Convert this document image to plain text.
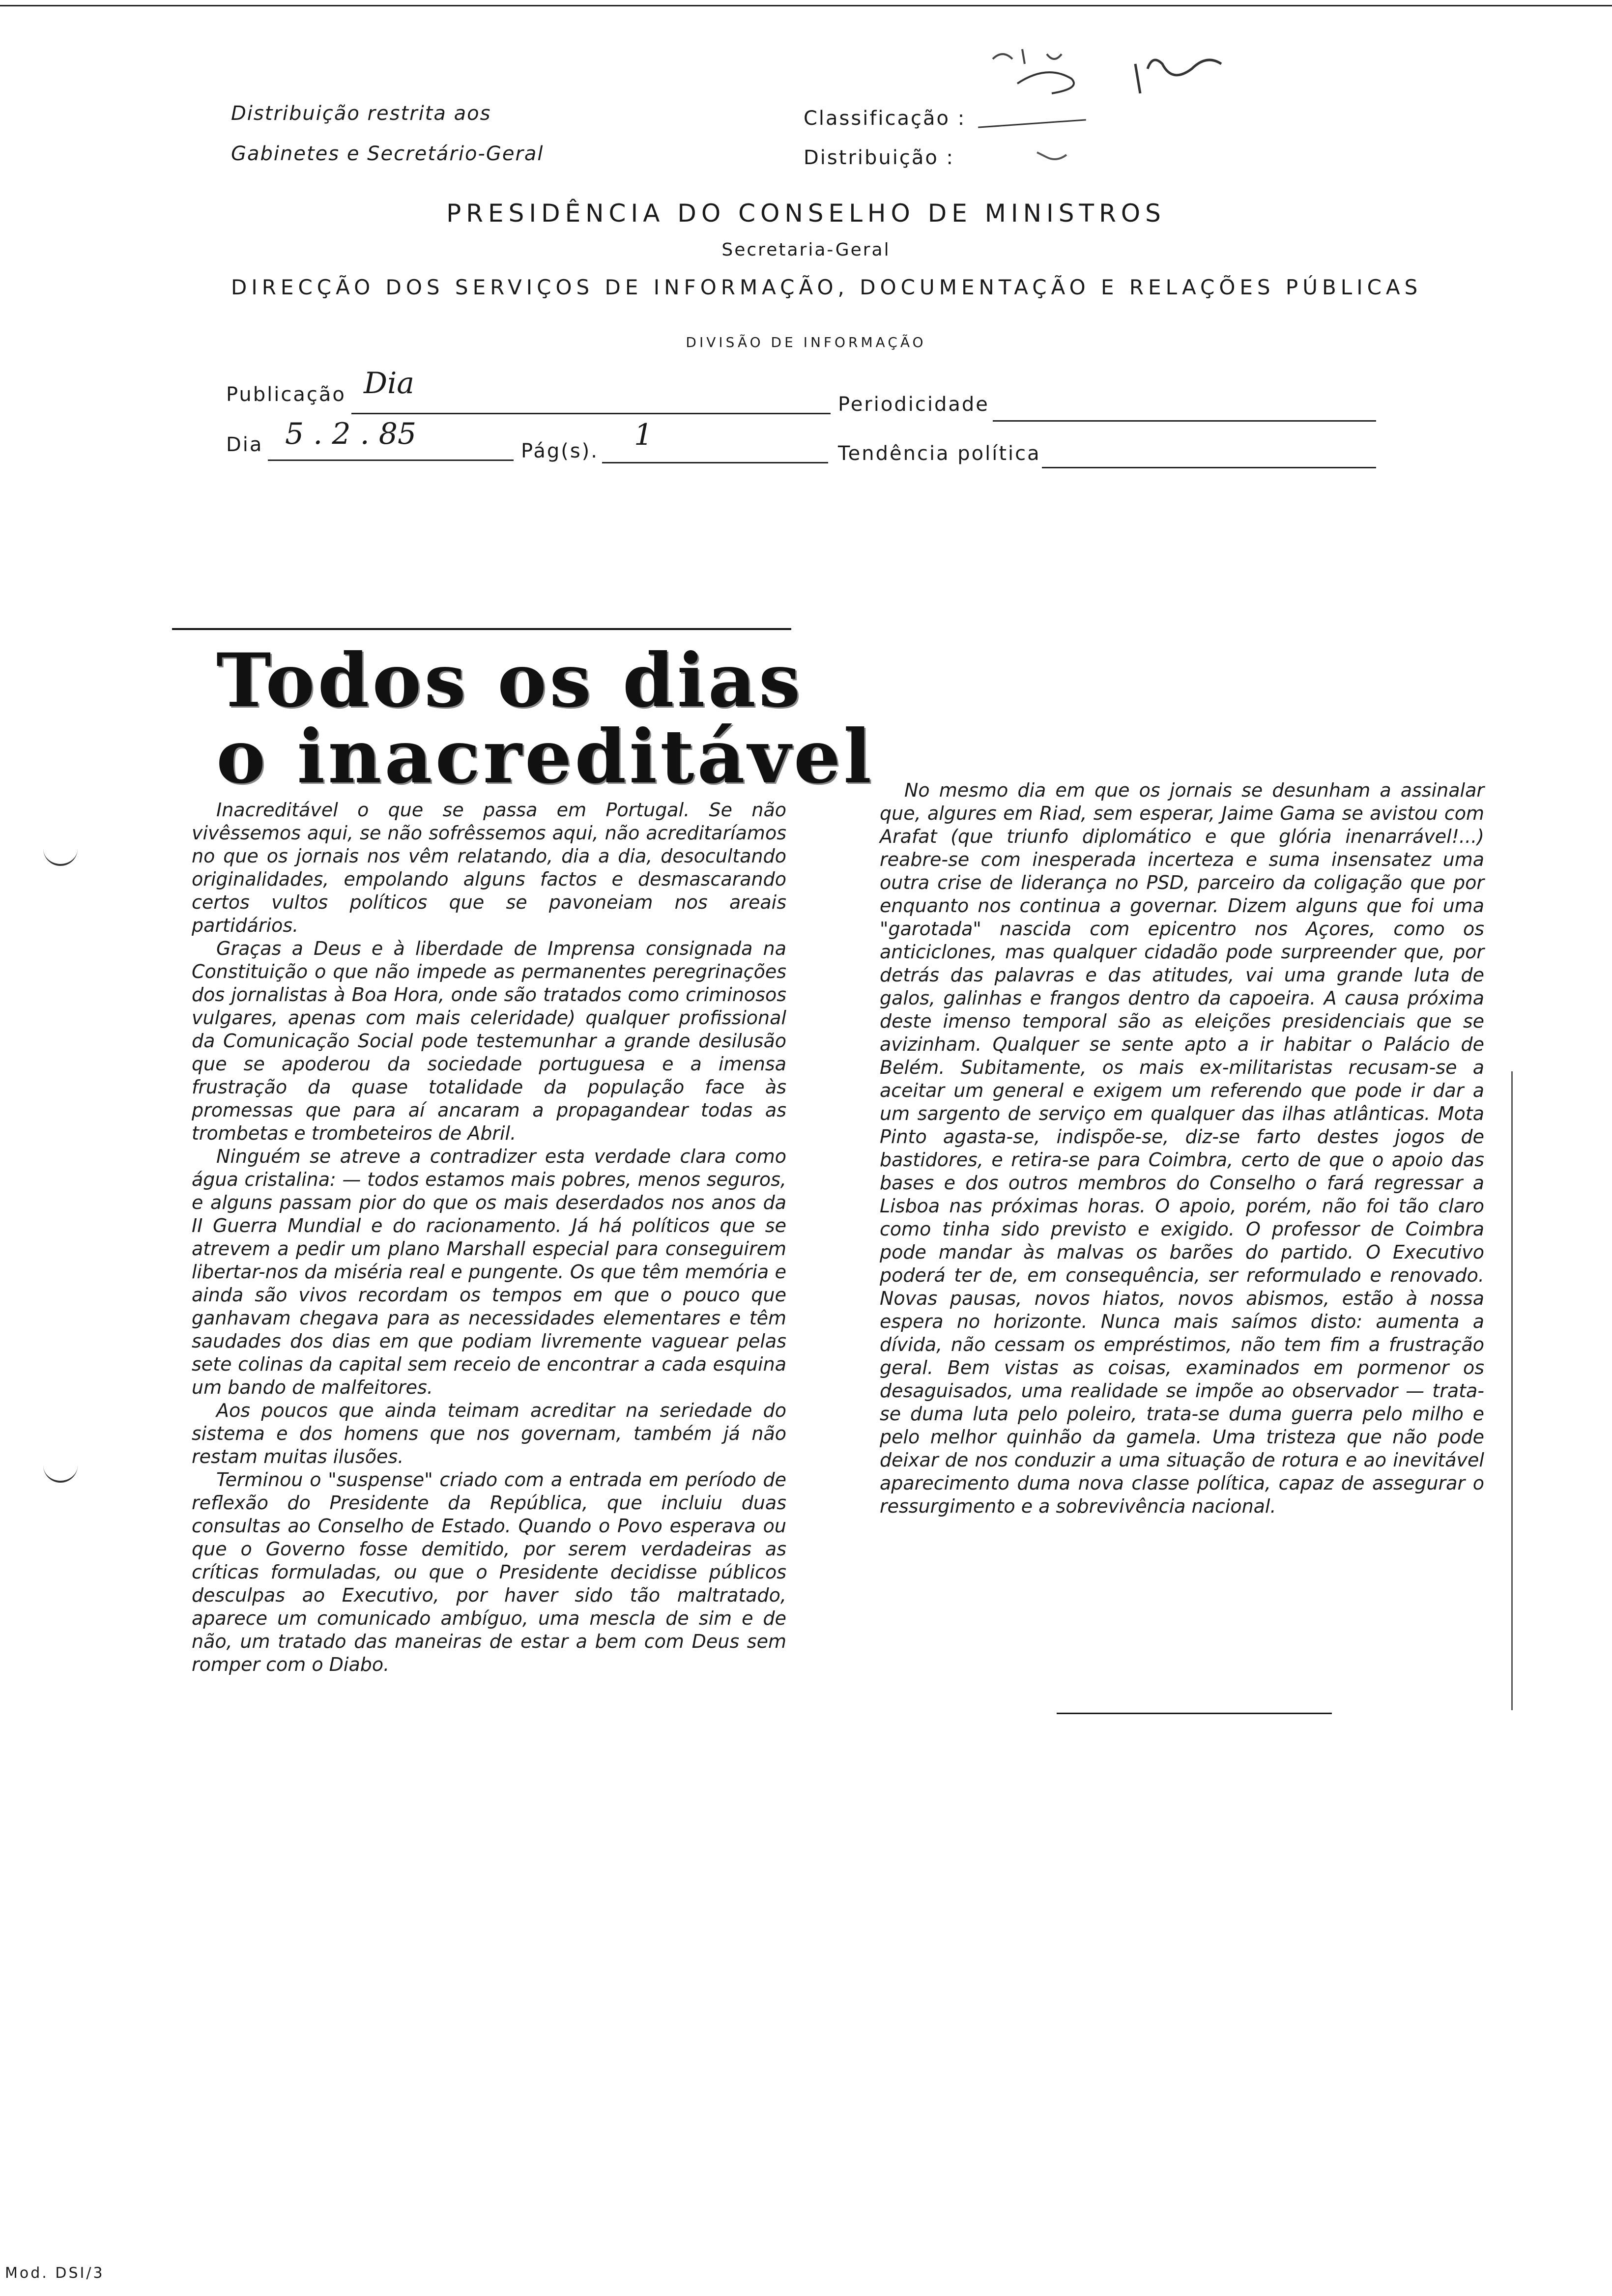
Distribuição restrita aos
Gabinetes e Secretário-Geral
Classificação :
Distribuição :
PRESIDÊNCIA DO CONSELHO DE MINISTROS
Secretaria-Geral
DIRECÇÃO DOS SERVIÇOS DE INFORMAÇÃO, DOCUMENTAÇÃO E RELAÇÕES PÚBLICAS
DIVISÃO DE INFORMAÇÃO
Publicação Dia
Periodicidade
Dia 5 . 2 . 85	Pág(s). 1
Tendência política
Todos os dias
o inacreditável

Inacreditável o que se passa em Portugal. Se não vivêssemos aqui, se não sofrêssemos aqui, não acreditaríamos no que os jornais nos vêm relatando, dia a dia, desocultando originalidades, empolando alguns factos e desmascarando certos vultos políticos que se pavoneiam nos areais partidários.

Graças a Deus e à liberdade de Imprensa consignada na Constituição o que não impede as permanentes peregrinações dos jornalistas à Boa Hora, onde são tratados como criminosos vulgares, apenas com mais celeridade) qualquer profissional da Comunicação Social pode testemunhar a grande desilusão que se apoderou da sociedade portuguesa e a imensa frustração da quase totalidade da população face às promessas que para aí ancaram a propagandear todas as trombetas e trombeteiros de Abril.

Ninguém se atreve a contradizer esta verdade clara como água cristalina: — todos estamos mais pobres, menos seguros, e alguns passam pior do que os mais deserdados nos anos da II Guerra Mundial e do racionamento. Já há políticos que se atrevem a pedir um plano Marshall especial para conseguirem libertar-nos da miséria real e pungente. Os que têm memória e ainda são vivos recordam os tempos em que o pouco que ganhavam chegava para as necessidades elementares e têm saudades dos dias em que podiam livremente vaguear pelas sete colinas da capital sem receio de encontrar a cada esquina um bando de malfeitores.

Aos poucos que ainda teimam acreditar na seriedade do sistema e dos homens que nos governam, também já não restam muitas ilusões.

Terminou o "suspense" criado com a entrada em período de reflexão do Presidente da República, que incluiu duas consultas ao Conselho de Estado. Quando o Povo esperava ou que o Governo fosse demitido, por serem verdadeiras as críticas formuladas, ou que o Presidente decidisse públicos desculpas ao Executivo, por haver sido tão maltratado, aparece um comunicado ambíguo, uma mescla de sim e de não, um tratado das maneiras de estar a bem com Deus sem romper com o Diabo.

No mesmo dia em que os jornais se desunham a assinalar que, algures em Riad, sem esperar, Jaime Gama se avistou com Arafat (que triunfo diplomático e que glória inenarrável!...) reabre-se com inesperada incerteza e suma insensatez uma outra crise de liderança no PSD, parceiro da coligação que por enquanto nos continua a governar. Dizem alguns que foi uma "garotada" nascida com epicentro nos Açores, como os anticiclones, mas qualquer cidadão pode surpreender que, por detrás das palavras e das atitudes, vai uma grande luta de galos, galinhas e frangos dentro da capoeira. A causa próxima deste imenso temporal são as eleições presidenciais que se avizinham. Qualquer se sente apto a ir habitar o Palácio de Belém. Subitamente, os mais ex-militaristas recusam-se a aceitar um general e exigem um referendo que pode ir dar a um sargento de serviço em qualquer das ilhas atlânticas. Mota Pinto agasta-se, indispõe-se, diz-se farto destes jogos de bastidores, e retira-se para Coimbra, certo de que o apoio das bases e dos outros membros do Conselho o fará regressar a Lisboa nas próximas horas. O apoio, porém, não foi tão claro como tinha sido previsto e exigido. O professor de Coimbra pode mandar às malvas os barões do partido. O Executivo poderá ter de, em consequência, ser reformulado e renovado. Novas pausas, novos hiatos, novos abismos, estão à nossa espera no horizonte. Nunca mais saímos disto: aumenta a dívida, não cessam os empréstimos, não tem fim a frustração geral. Bem vistas as coisas, examinados em pormenor os desaguisados, uma realidade se impõe ao observador — trata-se duma luta pelo poleiro, trata-se duma guerra pelo milho e pelo melhor quinhão da gamela. Uma tristeza que não pode deixar de nos conduzir a uma situação de rotura e ao inevitável aparecimento duma nova classe política, capaz de assegurar o ressurgimento e a sobrevivência nacional.

Mod. DSI/3
